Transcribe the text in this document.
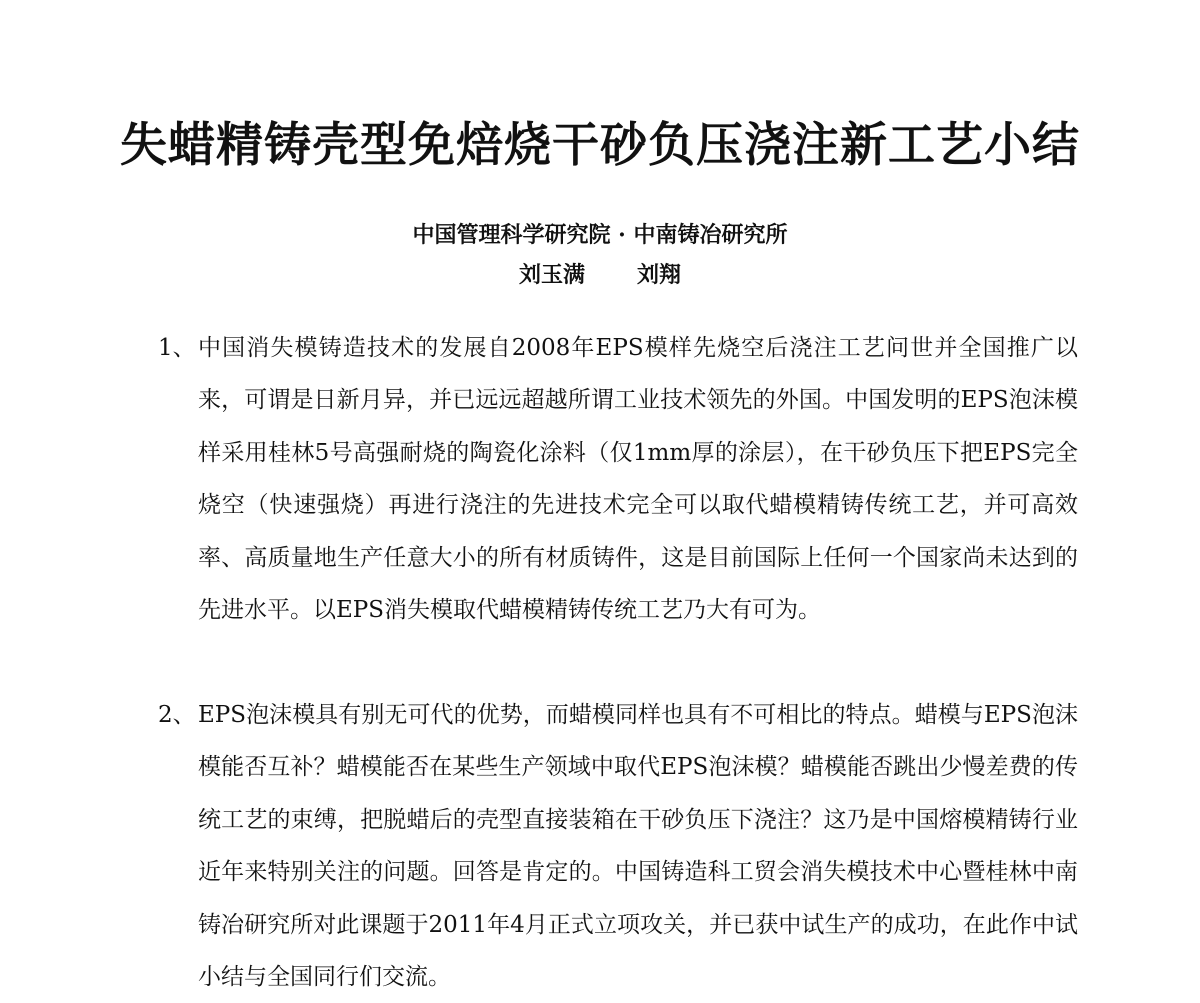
失蜡精铸壳型免焙烧干砂负压浇注新工艺小结

中国管理科学研究院 · 中南铸冶研究所

刘玉满 刘翔

1、 中国消失模铸造技术的发展自2008年EPS模样先烧空后浇注工艺问世并全国推广以来，可谓是日新月异，并已远远超越所谓工业技术领先的外国。中国发明的EPS泡沫模样采用桂林5号高强耐烧的陶瓷化涂料（仅1mm厚的涂层），在干砂负压下把EPS完全烧空（快速强烧）再进行浇注的先进技术完全可以取代蜡模精铸传统工艺，并可高效率、高质量地生产任意大小的所有材质铸件，这是目前国际上任何一个国家尚未达到的先进水平。以EPS消失模取代蜡模精铸传统工艺乃大有可为。
2、 EPS泡沫模具有别无可代的优势，而蜡模同样也具有不可相比的特点。蜡模与EPS泡沫模能否互补？蜡模能否在某些生产领域中取代EPS泡沫模？蜡模能否跳出少慢差费的传统工艺的束缚，把脱蜡后的壳型直接装箱在干砂负压下浇注？这乃是中国熔模精铸行业近年来特别关注的问题。回答是肯定的。中国铸造科工贸会消失模技术中心暨桂林中南铸冶研究所对此课题于2011年4月正式立项攻关，并已获中试生产的成功，在此作中试小结与全国同行们交流。
